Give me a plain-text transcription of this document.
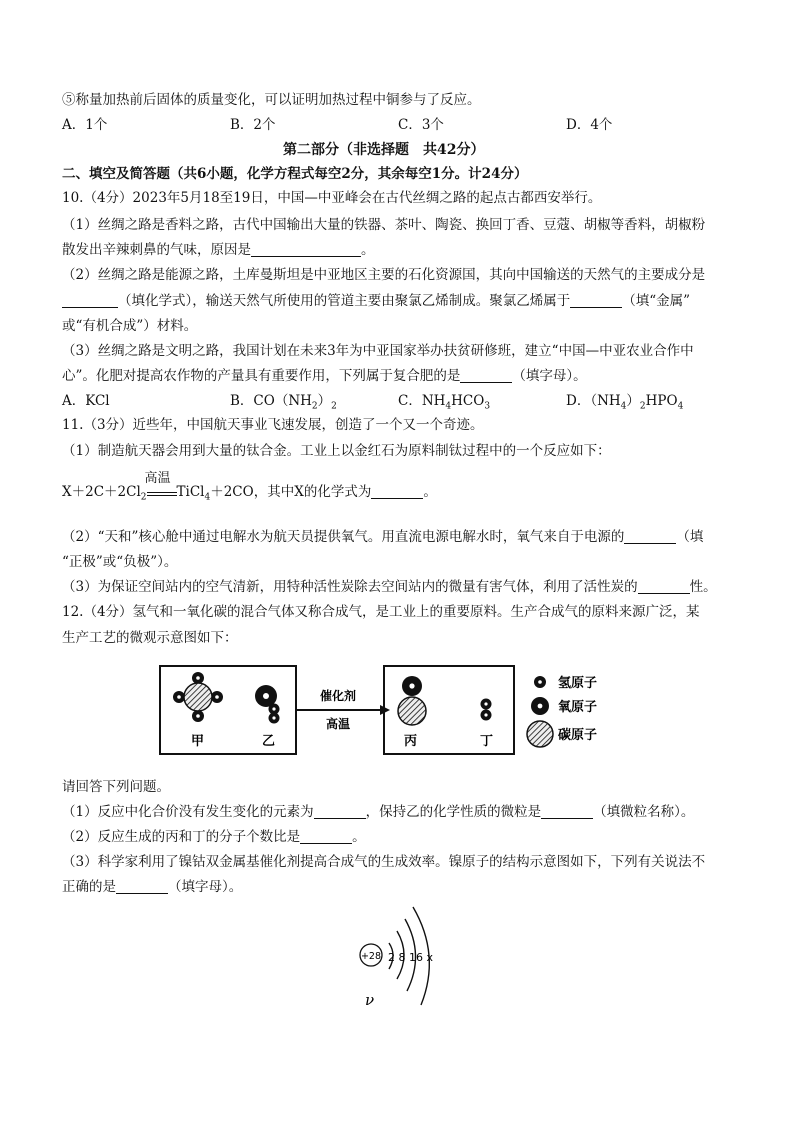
⑤称量加热前后固体的质量变化，可以证明加热过程中铜参与了反应。
A．1个	B．2个	C．3个	D．4个
第二部分（非选择题　共42分）
二、填空及简答题（共6小题，化学方程式每空2分，其余每空1分。计24分）
10.（4分）2023年5月18至19日，中国—中亚峰会在古代丝绸之路的起点古都西安举行。
（1）丝绸之路是香料之路，古代中国输出大量的铁器、茶叶、陶瓷、换回丁香、豆蔻、胡椒等香料，胡椒粉
散发出辛辣刺鼻的气味，原因是	。
（2）丝绸之路是能源之路，土库曼斯坦是中亚地区主要的石化资源国，其向中国输送的天然气的主要成分是
（填化学式），输送天然气所使用的管道主要由聚氯乙烯制成。聚氯乙烯属于	（填“金属”
或“有机合成”）材料。
（3）丝绸之路是文明之路，我国计划在未来3年为中亚国家举办扶贫研修班，建立“中国—中亚农业合作中
心”。化肥对提高农作物的产量具有重要作用，下列属于复合肥的是	（填字母）。
A．KCl	B．$CO(NH_2)_2$	C．$NH_4HCO_3$	D．$(NH_4)_2HPO_4$
11.（3分）近些年，中国航天事业飞速发展，创造了一个又一个奇迹。
（1）制造航天器会用到大量的钛合金。工业上以金红石为原料制钛过程中的一个反应如下：
$X+2C+2Cl_2$
高温
TiCl$_4$＋2CO，其中X的化学式为	。
（2）“天和”核心舱中通过电解水为航天员提供氧气。用直流电源电解水时，氧气来自于电源的	（填
“正极”或“负极”）。
（3）为保证空间站内的空气清新，用特种活性炭除去空间站内的微量有害气体，利用了活性炭的	性。
12.（4分）氢气和一氧化碳的混合气体又称合成气，是工业上的重要原料。生产合成气的原料来源广泛，某
生产工艺的微观示意图如下：
甲	乙
催化剂
高温
丙	丁
氢原子
氧原子
碳原子
请回答下列问题。
（1）反应中化合价没有发生变化的元素为	，保持乙的化学性质的微粒是	（填微粒名称）。
（2）反应生成的丙和丁的分子个数比是	。
（3）科学家利用了镍钴双金属基催化剂提高合成气的生成效率。镍原子的结构示意图如下，下列有关说法不
正确的是	（填字母）。
+28 2 8 16 x
ν
